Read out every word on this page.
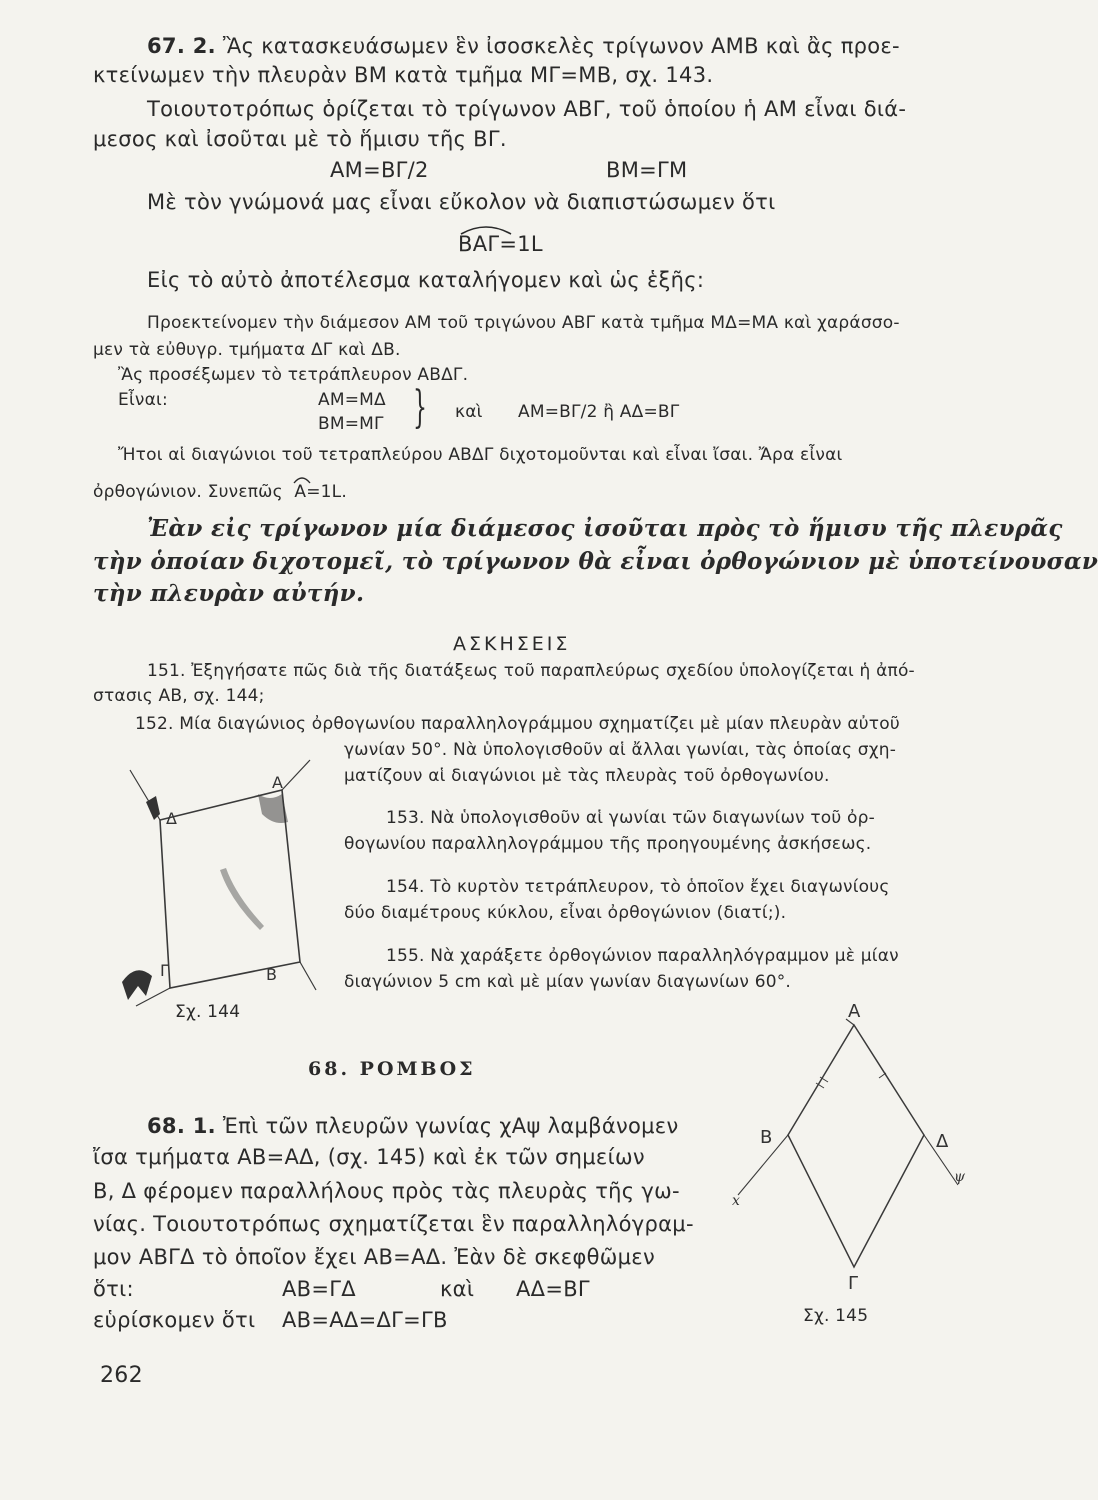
67. 2. Ἂς κατασκευάσωμεν ἓν ἰσοσκελὲς τρίγωνον ΑΜΒ καὶ ἂς προε-
κτείνωμεν τὴν πλευρὰν ΒΜ κατὰ τμῆμα ΜΓ=ΜΒ, σχ. 143.
Τοιουτοτρόπως ὁρίζεται τὸ τρίγωνον ΑΒΓ, τοῦ ὁποίου ἡ ΑΜ εἶναι διά-
μεσος καὶ ἰσοῦται μὲ τὸ ἥμισυ τῆς ΒΓ.
ΑΜ=ΒΓ/2	ΒΜ=ΓΜ
Μὲ τὸν γνώμονά μας εἶναι εὔκολον νὰ διαπιστώσωμεν ὅτι
ΒΑΓ=1L
Εἰς τὸ αὐτὸ ἀποτέλεσμα καταλήγομεν καὶ ὡς ἑξῆς:
Προεκτείνομεν τὴν διάμεσον ΑΜ τοῦ τριγώνου ΑΒΓ κατὰ τμῆμα ΜΔ=ΜΑ καὶ χαράσσο-
μεν τὰ εὐθυγρ. τμήματα ΔΓ καὶ ΔΒ.
Ἂς προσέξωμεν τὸ τετράπλευρον ΑΒΔΓ.
Εἶναι:	ΑΜ=ΜΔ
ΒΜ=ΜΓ } καὶ ΑΜ=ΒΓ/2 ἢ ΑΔ=ΒΓ
Ἤτοι αἱ διαγώνιοι τοῦ τετραπλεύρου ΑΒΔΓ διχοτομοῦνται καὶ εἶναι ἴσαι. Ἄρα εἶναι
ὀρθογώνιον. Συνεπῶς Α=1L.
Ἐὰν εἰς τρίγωνον μία διάμεσος ἰσοῦται πρὸς τὸ ἥμισυ τῆς πλευρᾶς
τὴν ὁποίαν διχοτομεῖ, τὸ τρίγωνον θὰ εἶναι ὀρθογώνιον μὲ ὑποτείνουσαν
τὴν πλευρὰν αὐτήν.
ΑΣΚΗΣΕΙΣ
151. Ἐξηγήσατε πῶς διὰ τῆς διατάξεως τοῦ παραπλεύρως σχεδίου ὑπολογίζεται ἡ ἀπό-
στασις ΑΒ, σχ. 144;
152. Μία διαγώνιος ὀρθογωνίου παραλληλογράμμου σχηματίζει μὲ μίαν πλευρὰν αὐτοῦ
γωνίαν 50°. Νὰ ὑπολογισθοῦν αἱ ἄλλαι γωνίαι, τὰς ὁποίας σχη-
ματίζουν αἱ διαγώνιοι μὲ τὰς πλευρὰς τοῦ ὀρθογωνίου.
153. Νὰ ὑπολογισθοῦν αἱ γωνίαι τῶν διαγωνίων τοῦ ὀρ-
θογωνίου παραλληλογράμμου τῆς προηγουμένης ἀσκήσεως.
154. Τὸ κυρτὸν τετράπλευρον, τὸ ὁποῖον ἔχει διαγωνίους
δύο διαμέτρους κύκλου, εἶναι ὀρθογώνιον (διατί;).
155. Νὰ χαράξετε ὀρθογώνιον παραλληλόγραμμον μὲ μίαν
διαγώνιον 5 cm καὶ μὲ μίαν γωνίαν διαγωνίων 60°.
Δ
Α
Β
Γ
Σχ. 144
68. ΡΟΜΒΟΣ
68. 1. Ἐπὶ τῶν πλευρῶν γωνίας χΑψ λαμβάνομεν
ἴσα τμήματα ΑΒ=ΑΔ, (σχ. 145) καὶ ἐκ τῶν σημείων
Β, Δ φέρομεν παραλλήλους πρὸς τὰς πλευρὰς τῆς γω-
νίας. Τοιουτοτρόπως σχηματίζεται ἓν παραλληλόγραμ-
μον ΑΒΓΔ τὸ ὁποῖον ἔχει ΑΒ=ΑΔ. Ἐὰν δὲ σκεφθῶμεν
ὅτι:	ΑΒ=ΓΔ	καὶ ΑΔ=ΒΓ
εὑρίσκομεν ὅτι ΑΒ=ΑΔ=ΔΓ=ΓΒ
Α
Β	Δ
Γ
x
ψ
Σχ. 145
262
